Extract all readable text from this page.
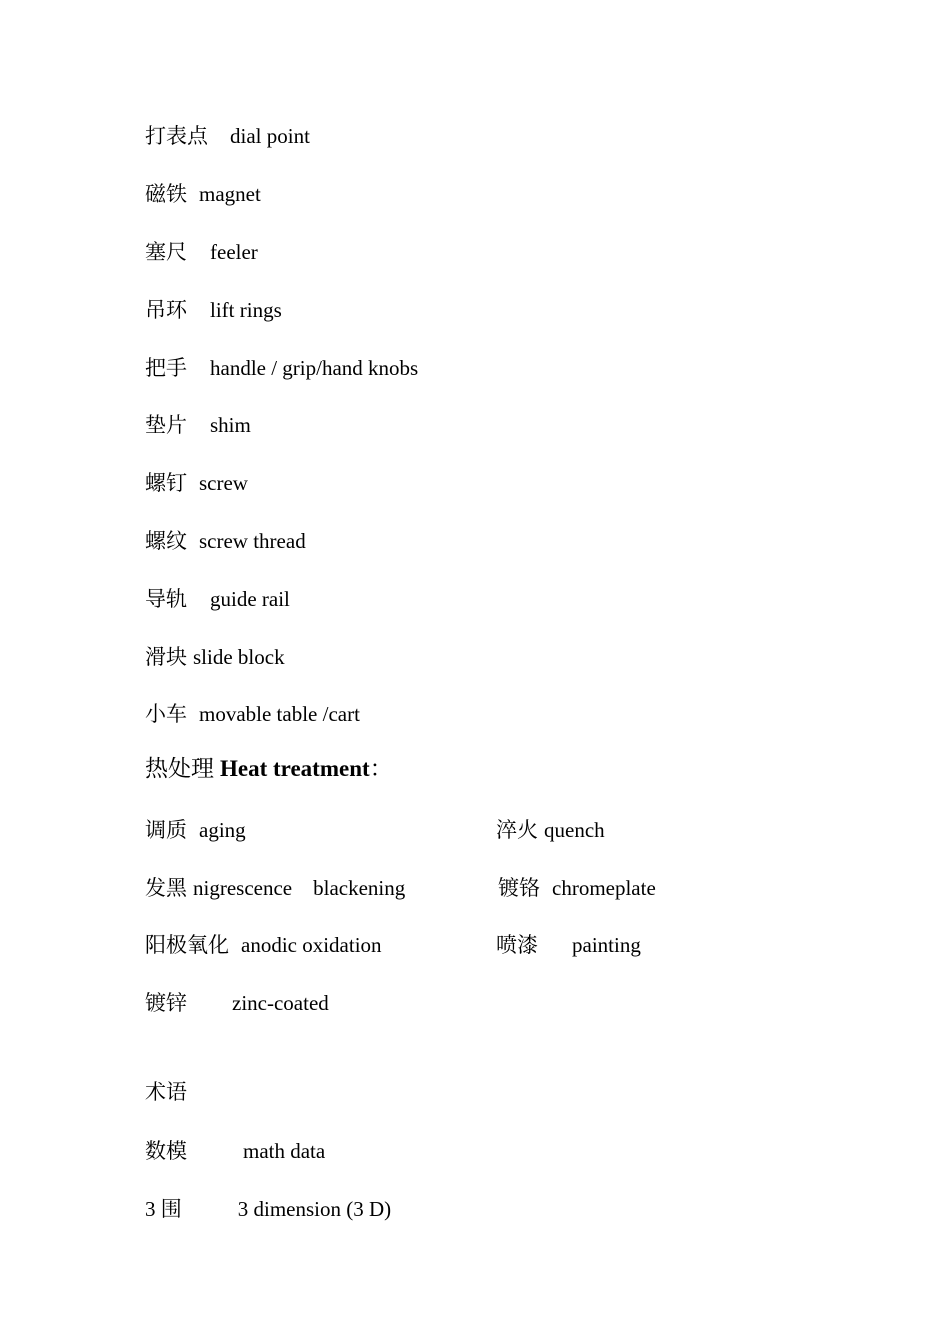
打表点 dial point
磁铁 magnet
塞尺 feeler
吊环 lift rings
把手 handle / grip/hand knobs
垫片 shim
螺钉 screw
螺纹 screw thread
导轨 guide rail
滑块 slide block
小车 movable table /cart
热处理 Heat treatment：
调质 aging
发黑 nigrescence    blackening
阳极氧化 anodic oxidation
镀锌 zinc-coated
淬火 quench
镀铬 chromeplate
喷漆 painting
术语
数模	math data
3 围	3 dimension (3 D)
